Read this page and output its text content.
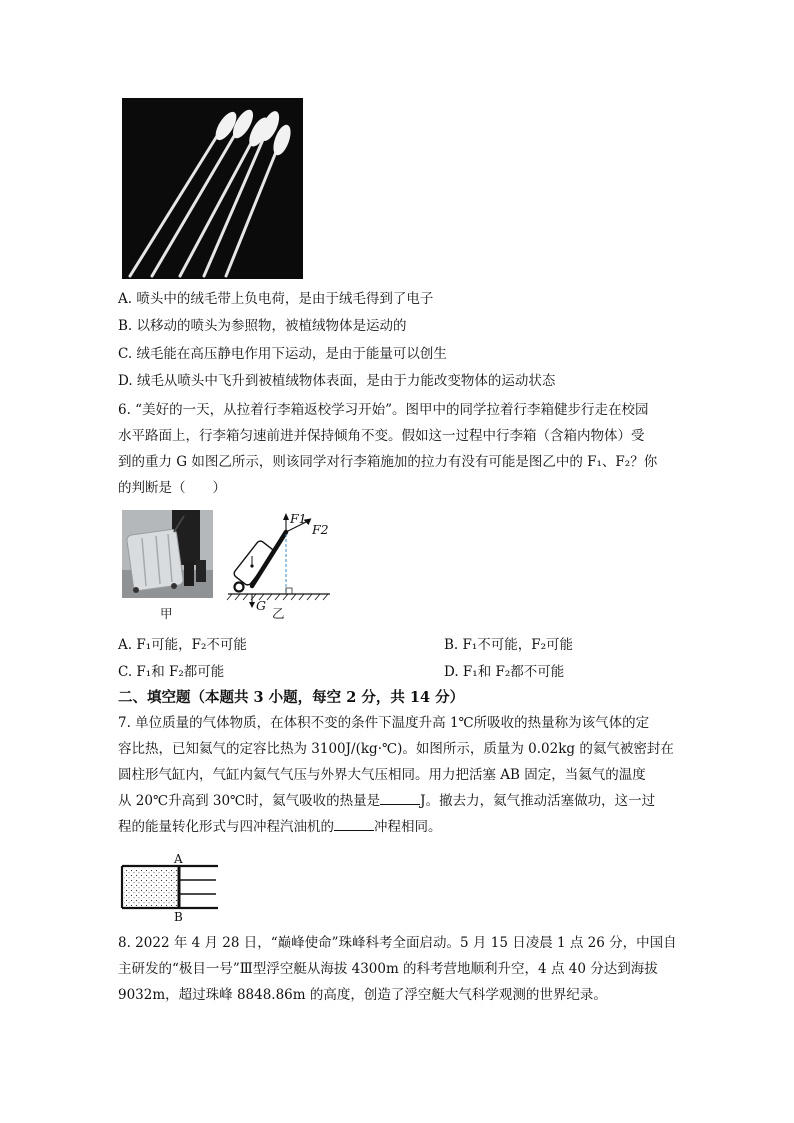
A. 喷头中的绒毛带上负电荷，是由于绒毛得到了电子
B. 以移动的喷头为参照物，被植绒物体是运动的
C. 绒毛能在高压静电作用下运动，是由于能量可以创生
D. 绒毛从喷头中飞升到被植绒物体表面，是由于力能改变物体的运动状态
6. “美好的一天，从拉着行李箱返校学习开始”。图甲中的同学拉着行李箱健步行走在校园
水平路面上，行李箱匀速前进并保持倾角不变。假如这一过程中行李箱（含箱内物体）受
到的重力 G 如图乙所示，则该同学对行李箱施加的拉力有没有可能是图乙中的 F₁、F₂？你
的判断是（　　）
甲
F1
F2
G
乙
A. F₁可能，F₂不可能	B. F₁不可能，F₂可能
C. F₁和 F₂都可能	D. F₁和 F₂都不可能
二、填空题（本题共 3 小题，每空 2 分，共 14 分）
7. 单位质量的气体物质，在体积不变的条件下温度升高 1℃所吸收的热量称为该气体的定
容比热，已知氦气的定容比热为 3100J/(kg·℃)。如图所示，质量为 0.02kg 的氦气被密封在
圆柱形气缸内，气缸内氦气气压与外界大气压相同。用力把活塞 AB 固定，当氦气的温度
从 20℃升高到 30℃时，氦气吸收的热量是	J。撤去力，氦气推动活塞做功，这一过
程的能量转化形式与四冲程汽油机的	冲程相同。
A
B
8. 2022 年 4 月 28 日，“巅峰使命”珠峰科考全面启动。5 月 15 日凌晨 1 点 26 分，中国自
主研发的“极目一号”Ⅲ型浮空艇从海拔 4300m 的科考营地顺利升空，4 点 40 分达到海拔
9032m，超过珠峰 8848.86m 的高度，创造了浮空艇大气科学观测的世界纪录。
